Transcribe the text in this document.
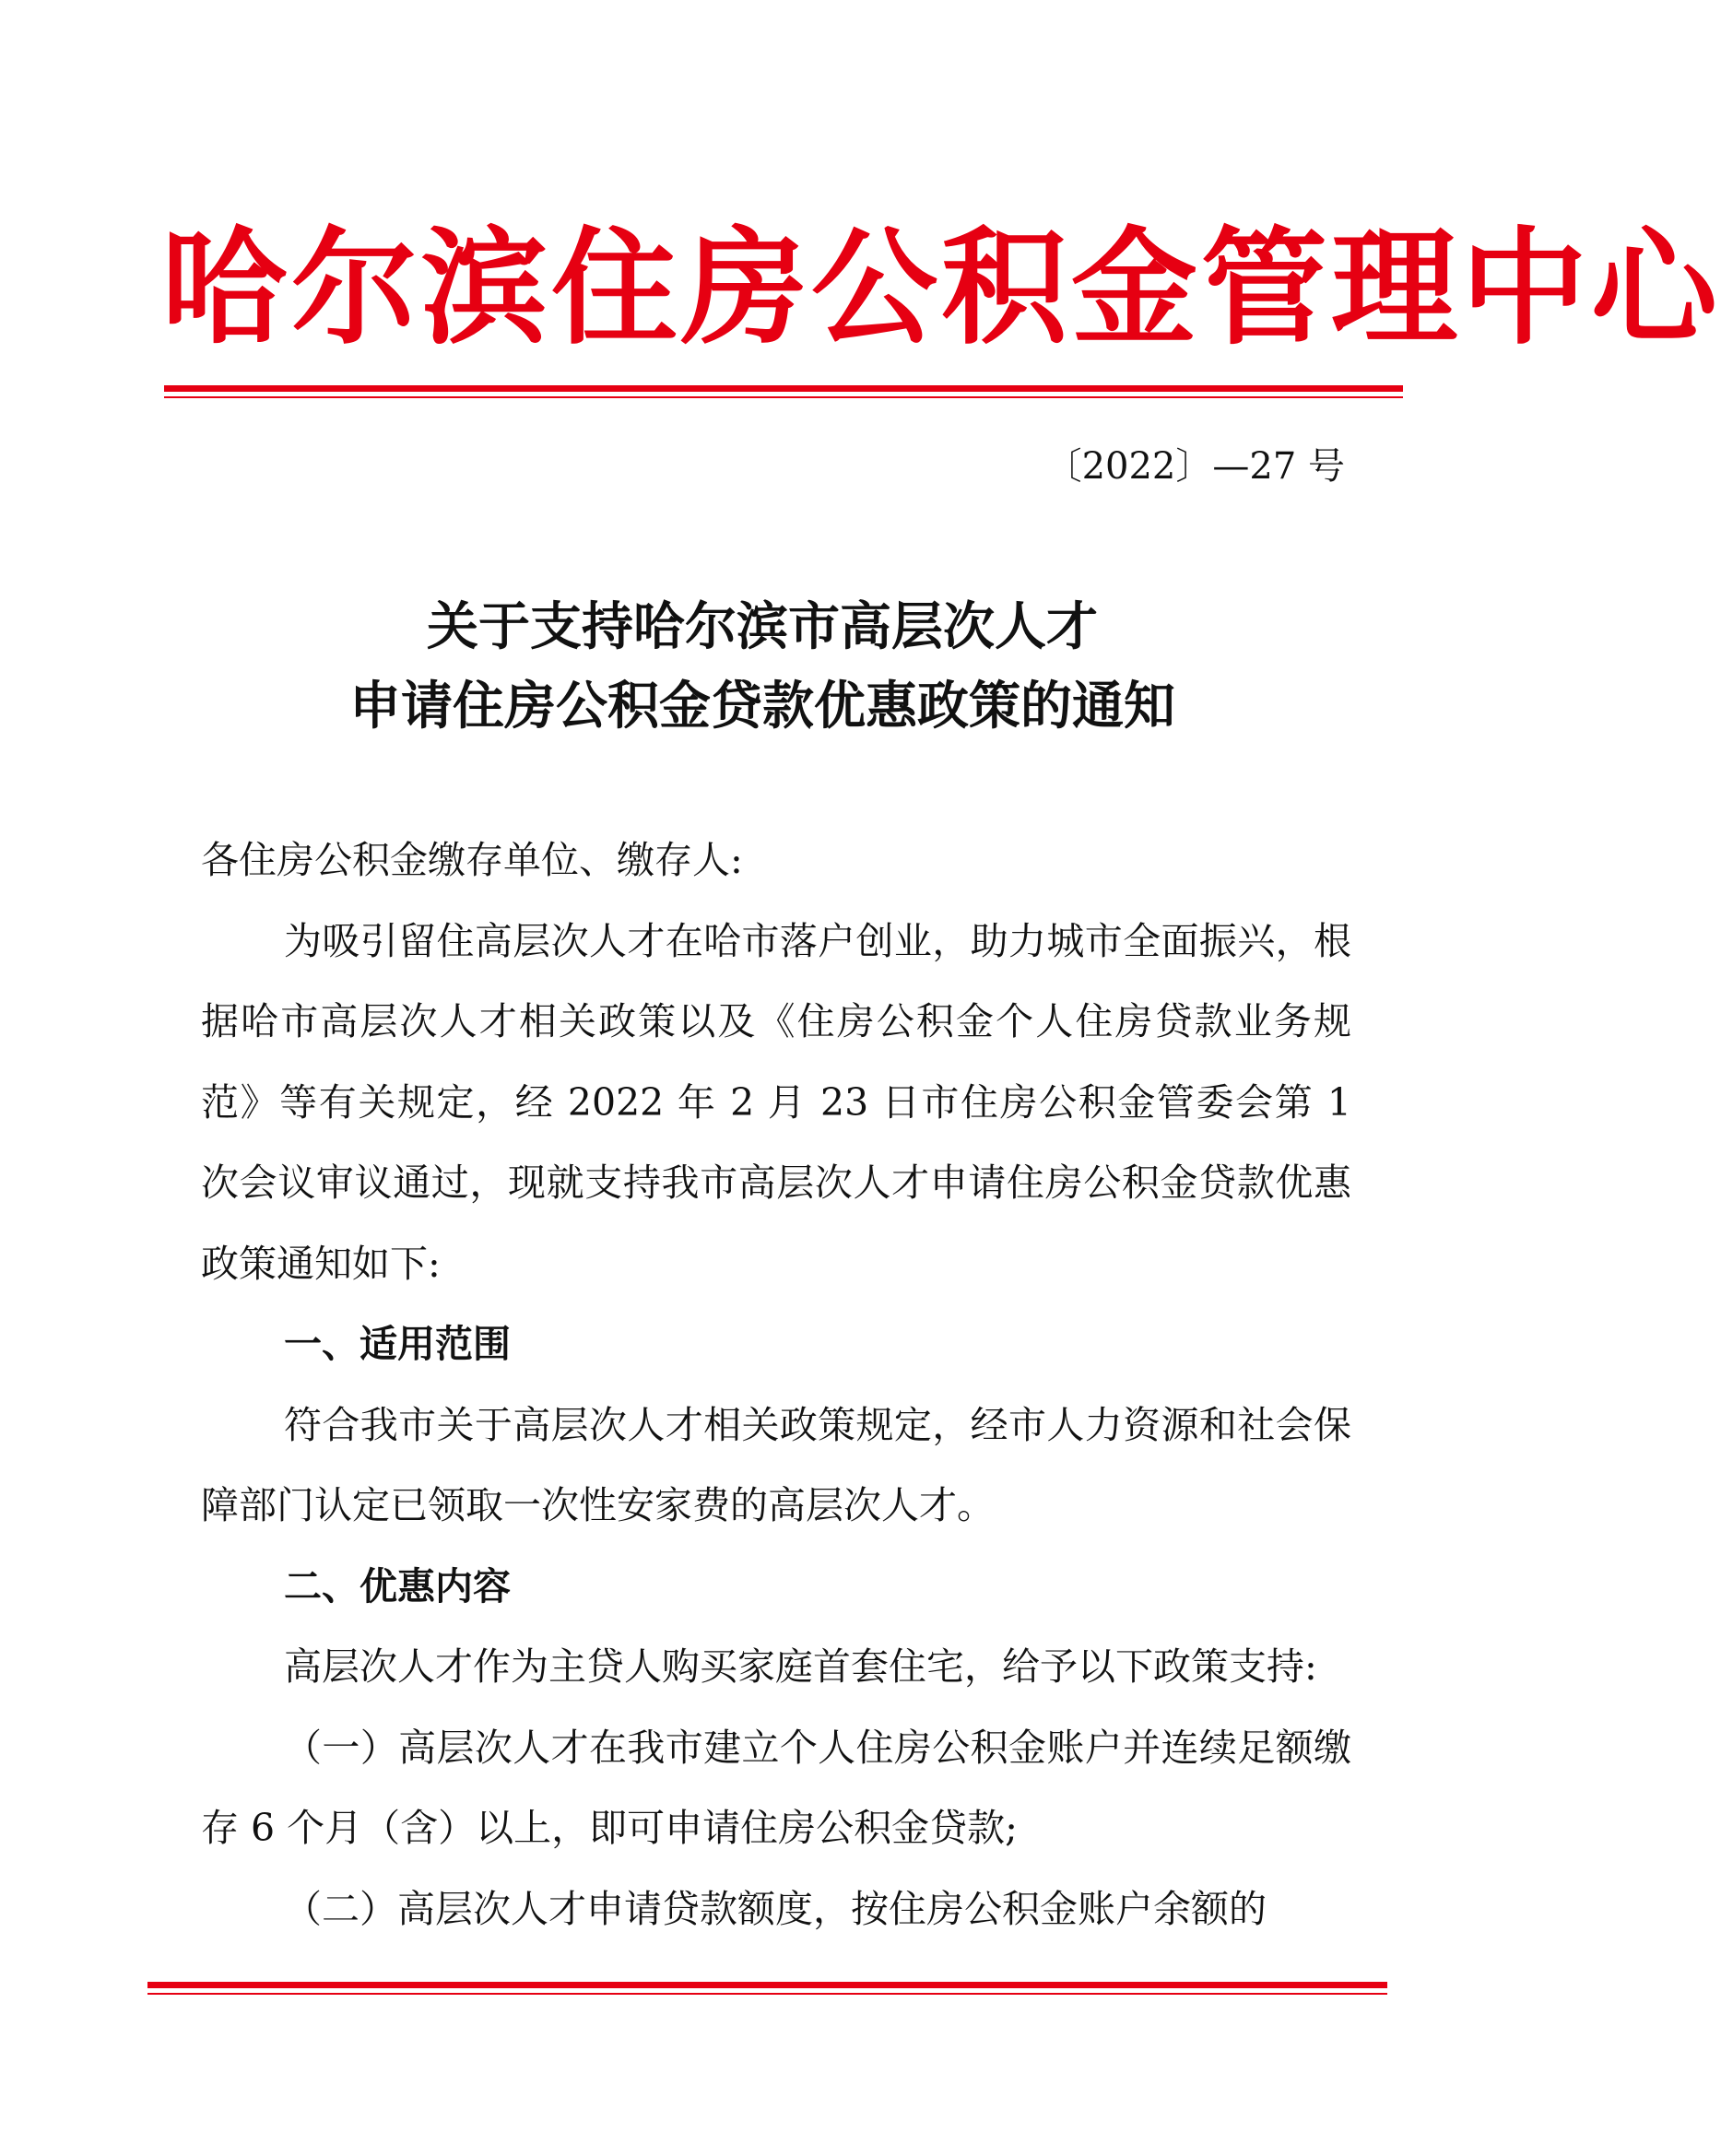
哈尔滨住房公积金管理中心
〔2022〕—27 号
关于支持哈尔滨市高层次人才
申请住房公积金贷款优惠政策的通知

各住房公积金缴存单位、缴存人:

为吸引留住高层次人才在哈市落户创业，助力城市全面振兴，根据哈市高层次人才相关政策以及《住房公积金个人住房贷款业务规范》等有关规定，经 2022 年 2 月 23 日市住房公积金管委会第 1 次会议审议通过，现就支持我市高层次人才申请住房公积金贷款优惠政策通知如下:

一、适用范围

符合我市关于高层次人才相关政策规定，经市人力资源和社会保障部门认定已领取一次性安家费的高层次人才。

二、优惠内容

高层次人才作为主贷人购买家庭首套住宅，给予以下政策支持:

（一）高层次人才在我市建立个人住房公积金账户并连续足额缴存 6 个月（含）以上，即可申请住房公积金贷款;

（二）高层次人才申请贷款额度，按住房公积金账户余额的
